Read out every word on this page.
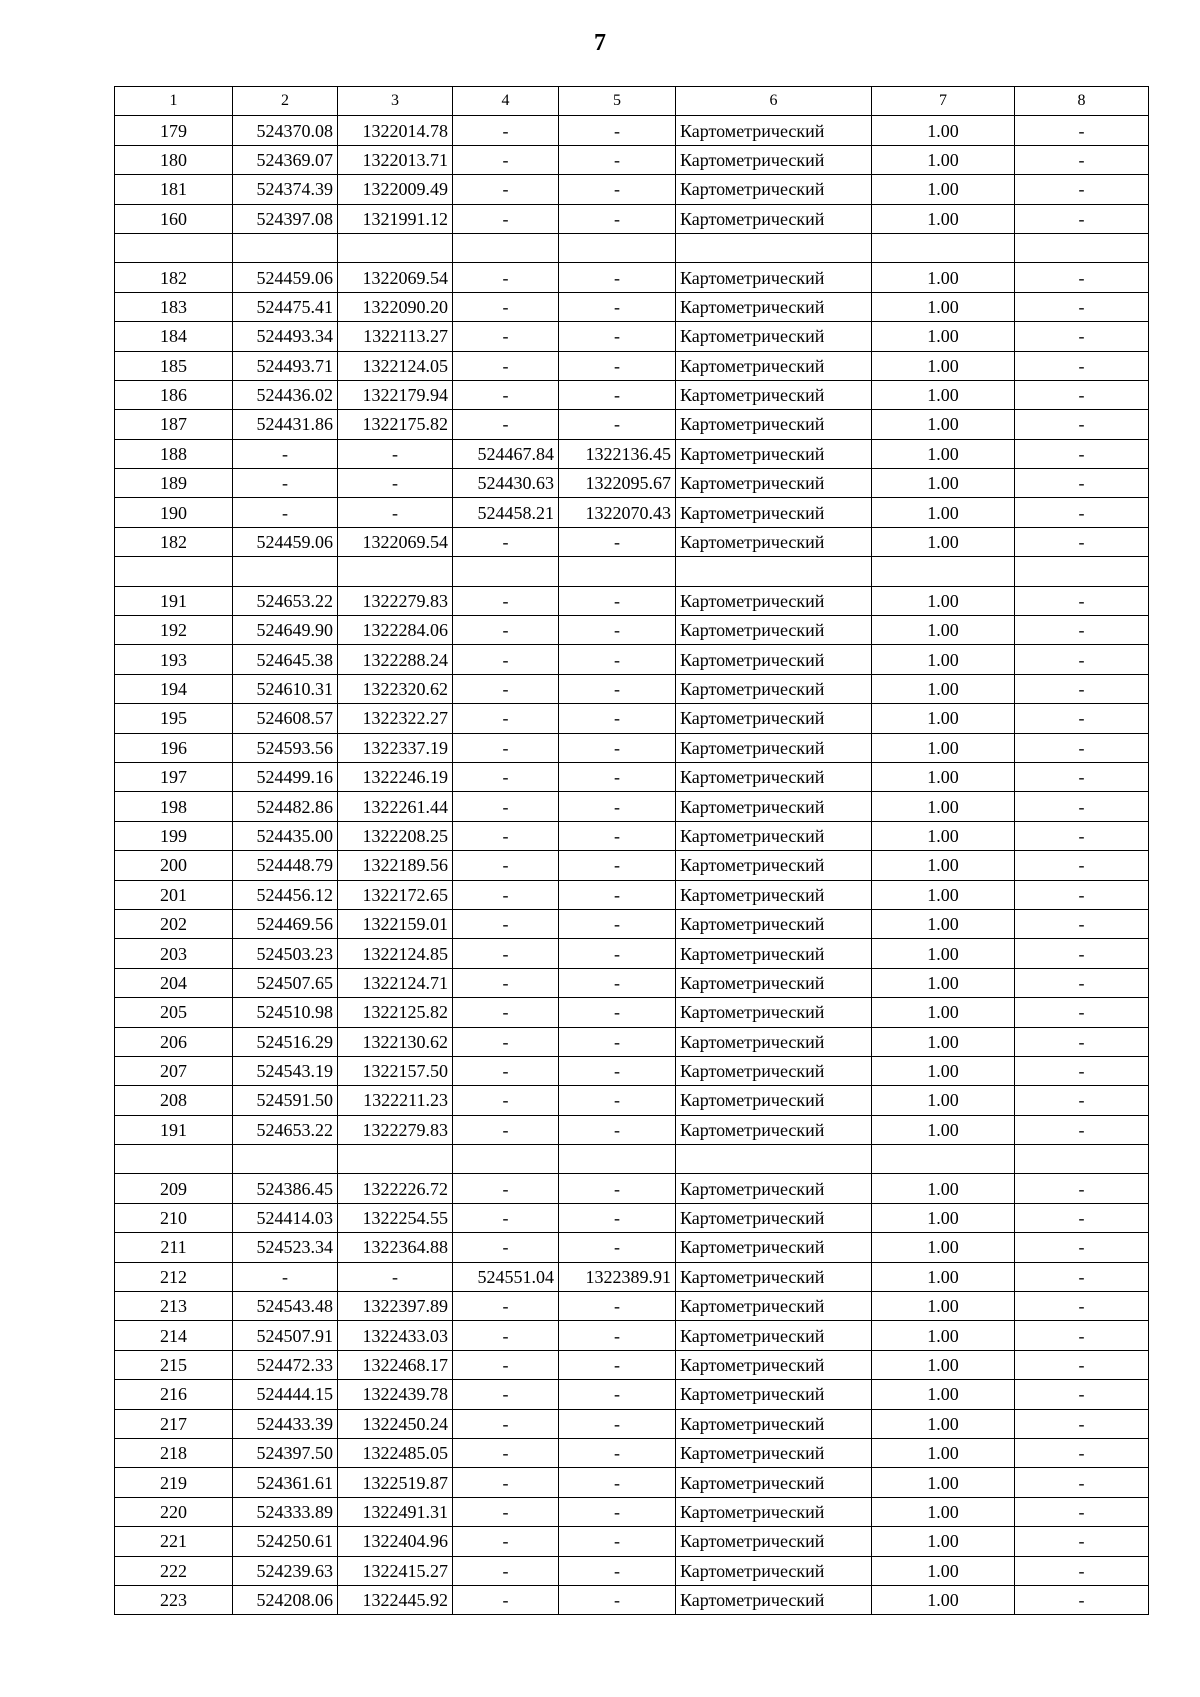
7
1	2	3	4	5	6	7	8
179	524370.08	1322014.78	-	-	Картометрический	1.00	-
180	524369.07	1322013.71	-	-	Картометрический	1.00	-
181	524374.39	1322009.49	-	-	Картометрический	1.00	-
160	524397.08	1321991.12	-	-	Картометрический	1.00	-

182	524459.06	1322069.54	-	-	Картометрический	1.00	-
183	524475.41	1322090.20	-	-	Картометрический	1.00	-
184	524493.34	1322113.27	-	-	Картометрический	1.00	-
185	524493.71	1322124.05	-	-	Картометрический	1.00	-
186	524436.02	1322179.94	-	-	Картометрический	1.00	-
187	524431.86	1322175.82	-	-	Картометрический	1.00	-
188	-	-	524467.84	1322136.45	Картометрический	1.00	-
189	-	-	524430.63	1322095.67	Картометрический	1.00	-
190	-	-	524458.21	1322070.43	Картометрический	1.00	-
182	524459.06	1322069.54	-	-	Картометрический	1.00	-

191	524653.22	1322279.83	-	-	Картометрический	1.00	-
192	524649.90	1322284.06	-	-	Картометрический	1.00	-
193	524645.38	1322288.24	-	-	Картометрический	1.00	-
194	524610.31	1322320.62	-	-	Картометрический	1.00	-
195	524608.57	1322322.27	-	-	Картометрический	1.00	-
196	524593.56	1322337.19	-	-	Картометрический	1.00	-
197	524499.16	1322246.19	-	-	Картометрический	1.00	-
198	524482.86	1322261.44	-	-	Картометрический	1.00	-
199	524435.00	1322208.25	-	-	Картометрический	1.00	-
200	524448.79	1322189.56	-	-	Картометрический	1.00	-
201	524456.12	1322172.65	-	-	Картометрический	1.00	-
202	524469.56	1322159.01	-	-	Картометрический	1.00	-
203	524503.23	1322124.85	-	-	Картометрический	1.00	-
204	524507.65	1322124.71	-	-	Картометрический	1.00	-
205	524510.98	1322125.82	-	-	Картометрический	1.00	-
206	524516.29	1322130.62	-	-	Картометрический	1.00	-
207	524543.19	1322157.50	-	-	Картометрический	1.00	-
208	524591.50	1322211.23	-	-	Картометрический	1.00	-
191	524653.22	1322279.83	-	-	Картометрический	1.00	-

209	524386.45	1322226.72	-	-	Картометрический	1.00	-
210	524414.03	1322254.55	-	-	Картометрический	1.00	-
211	524523.34	1322364.88	-	-	Картометрический	1.00	-
212	-	-	524551.04	1322389.91	Картометрический	1.00	-
213	524543.48	1322397.89	-	-	Картометрический	1.00	-
214	524507.91	1322433.03	-	-	Картометрический	1.00	-
215	524472.33	1322468.17	-	-	Картометрический	1.00	-
216	524444.15	1322439.78	-	-	Картометрический	1.00	-
217	524433.39	1322450.24	-	-	Картометрический	1.00	-
218	524397.50	1322485.05	-	-	Картометрический	1.00	-
219	524361.61	1322519.87	-	-	Картометрический	1.00	-
220	524333.89	1322491.31	-	-	Картометрический	1.00	-
221	524250.61	1322404.96	-	-	Картометрический	1.00	-
222	524239.63	1322415.27	-	-	Картометрический	1.00	-
223	524208.06	1322445.92	-	-	Картометрический	1.00	-
